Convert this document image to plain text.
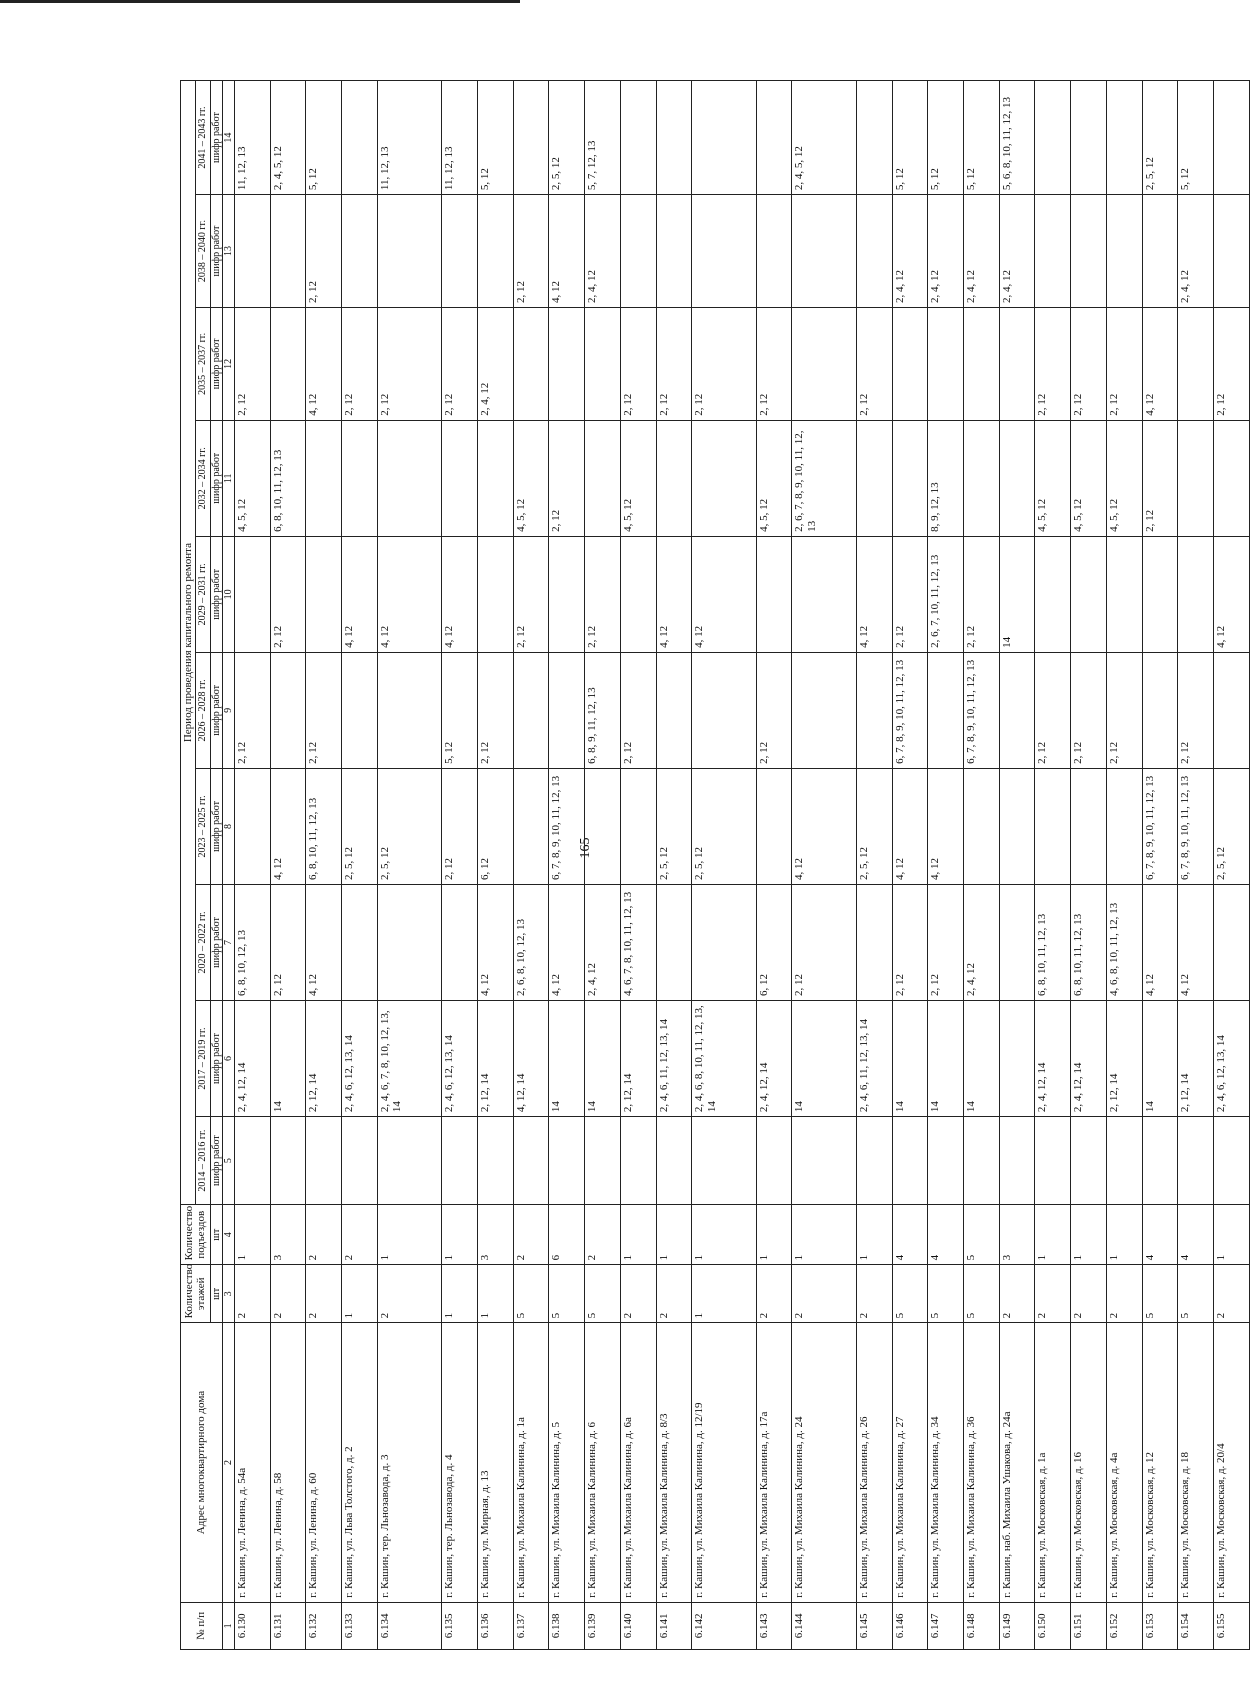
165
№ п/п	Адрес многоквартирного дома	Количество этажей	Количество подъездов	Период проведения капитального ремонта									
				2014 – 2016 гг.	2017 – 2019 гг.	2020 – 2022 гг.	2023 – 2025 гг.	2026 – 2028 гг.	2029 – 2031 гг.	2032 – 2034 гг.	2035 – 2037 гг.	2038 – 2040 гг.	2041 – 2043 гг.
		шт	шт	шифр работ	шифр работ	шифр работ	шифр работ	шифр работ	шифр работ	шифр работ	шифр работ	шифр работ	шифр работ
1	2	3	4	5	6	7	8	9	10	11	12	13	14
6.130	г. Кашин, ул. Ленина, д. 54а	2	1		2, 4, 12, 14	6, 8, 10, 12, 13		2, 12		4, 5, 12	2, 12		11, 12, 13
6.131	г. Кашин, ул. Ленина, д. 58	2	3		14	2, 12	4, 12		2, 12	6, 8, 10, 11, 12, 13			2, 4, 5, 12
6.132	г. Кашин, ул. Ленина, д. 60	2	2		2, 12, 14	4, 12	6, 8, 10, 11, 12, 13	2, 12			4, 12	2, 12	5, 12
6.133	г. Кашин, ул. Льва Толстого, д. 2	1	2		2, 4, 6, 12, 13, 14		2, 5, 12		4, 12		2, 12		
6.134	г. Кашин, тер. Льнозавода, д. 3	2	1		2, 4, 6, 7, 8, 10, 12, 13, 14		2, 5, 12		4, 12		2, 12		11, 12, 13
6.135	г. Кашин, тер. Льнозавода, д. 4	1	1		2, 4, 6, 12, 13, 14		2, 12	5, 12	4, 12		2, 12		11, 12, 13
6.136	г. Кашин, ул. Мирная, д. 13	1	3		2, 12, 14	4, 12	6, 12	2, 12			2, 4, 12		5, 12
6.137	г. Кашин, ул. Михаила Калинина, д. 1а	5	2		4, 12, 14	2, 6, 8, 10, 12, 13			2, 12	4, 5, 12		2, 12	
6.138	г. Кашин, ул. Михаила Калинина, д. 5	5	6		14	4, 12	6, 7, 8, 9, 10, 11, 12, 13			2, 12		4, 12	2, 5, 12
6.139	г. Кашин, ул. Михаила Калинина, д. 6	5	2		14	2, 4, 12		6, 8, 9, 11, 12, 13	2, 12			2, 4, 12	5, 7, 12, 13
6.140	г. Кашин, ул. Михаила Калинина, д. 6а	2	1		2, 12, 14	4, 6, 7, 8, 10, 11, 12, 13		2, 12		4, 5, 12	2, 12		
6.141	г. Кашин, ул. Михаила Калинина, д. 8/3	2	1		2, 4, 6, 11, 12, 13, 14		2, 5, 12		4, 12		2, 12		
6.142	г. Кашин, ул. Михаила Калинина, д. 12/19	1	1		2, 4, 6, 8, 10, 11, 12, 13, 14		2, 5, 12		4, 12		2, 12		
6.143	г. Кашин, ул. Михаила Калинина, д. 17а	2	1		2, 4, 12, 14	6, 12		2, 12		4, 5, 12	2, 12		
6.144	г. Кашин, ул. Михаила Калинина, д. 24	2	1		14	2, 12	4, 12			2, 6, 7, 8, 9, 10, 11, 12, 13			2, 4, 5, 12
6.145	г. Кашин, ул. Михаила Калинина, д. 26	2	1		2, 4, 6, 11, 12, 13, 14		2, 5, 12		4, 12		2, 12		
6.146	г. Кашин, ул. Михаила Калинина, д. 27	5	4		14	2, 12	4, 12	6, 7, 8, 9, 10, 11, 12, 13	2, 12			2, 4, 12	5, 12
6.147	г. Кашин, ул. Михаила Калинина, д. 34	5	4		14	2, 12	4, 12		2, 6, 7, 10, 11, 12, 13	8, 9, 12, 13		2, 4, 12	5, 12
6.148	г. Кашин, ул. Михаила Калинина, д. 36	5	5		14	2, 4, 12		6, 7, 8, 9, 10, 11, 12, 13	2, 12			2, 4, 12	5, 12
6.149	г. Кашин, наб. Михаила Ушакова, д. 24а	2	3						14			2, 4, 12	5, 6, 8, 10, 11, 12, 13
6.150	г. Кашин, ул. Московская, д. 1а	2	1		2, 4, 12, 14	6, 8, 10, 11, 12, 13		2, 12		4, 5, 12	2, 12		
6.151	г. Кашин, ул. Московская, д. 16	2	1		2, 4, 12, 14	6, 8, 10, 11, 12, 13		2, 12		4, 5, 12	2, 12		
6.152	г. Кашин, ул. Московская, д. 4а	2	1		2, 12, 14	4, 6, 8, 10, 11, 12, 13		2, 12		4, 5, 12	2, 12		
6.153	г. Кашин, ул. Московская, д. 12	5	4		14	4, 12	6, 7, 8, 9, 10, 11, 12, 13			2, 12	4, 12		2, 5, 12
6.154	г. Кашин, ул. Московская, д. 18	5	4		2, 12, 14	4, 12	6, 7, 8, 9, 10, 11, 12, 13	2, 12				2, 4, 12	5, 12
6.155	г. Кашин, ул. Московская, д. 20/4	2	1		2, 4, 6, 12, 13, 14		2, 5, 12		4, 12		2, 12		
